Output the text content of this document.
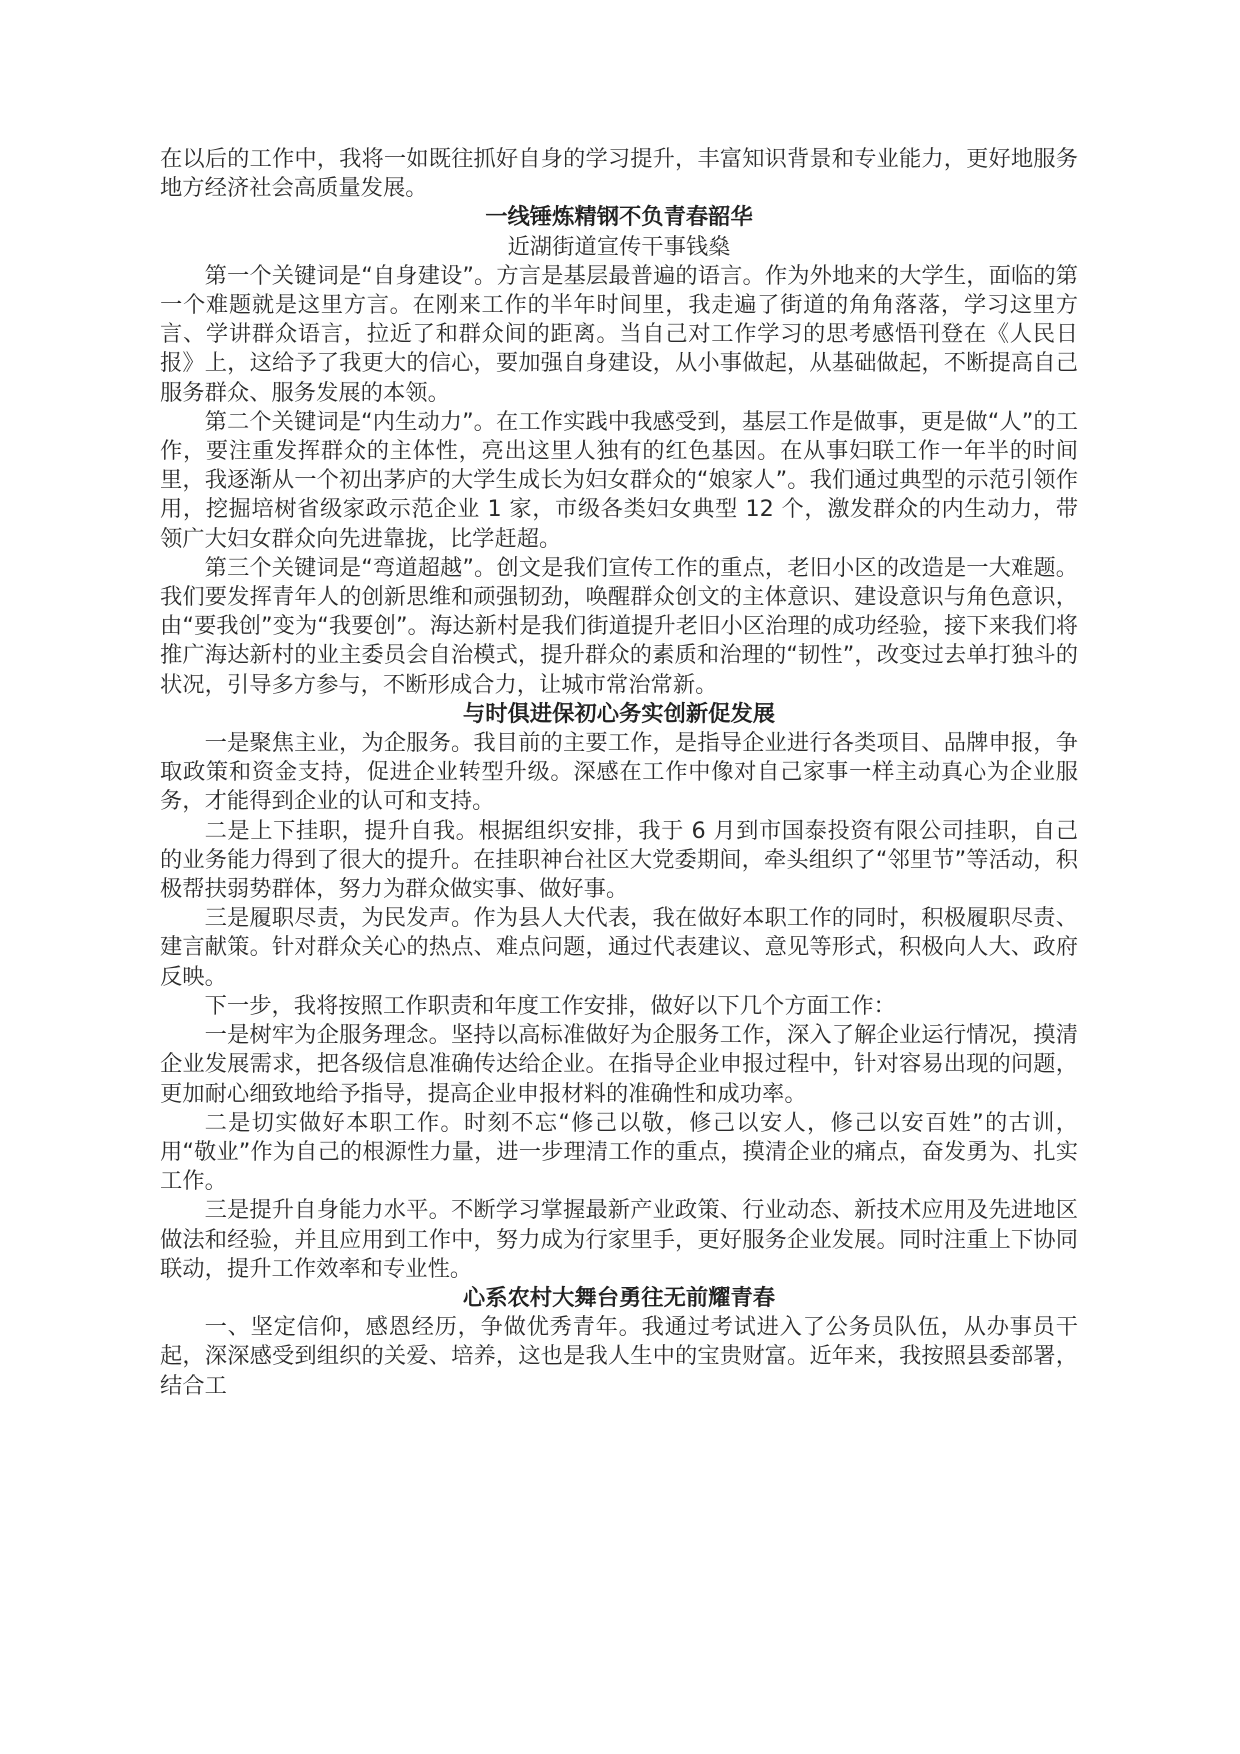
在以后的工作中，我将一如既往抓好自身的学习提升，丰富知识背景和专业能力，更好地服务地方经济社会高质量发展。

一线锤炼精钢不负青春韶华

近湖街道宣传干事钱燊

第一个关键词是“自身建设”。方言是基层最普遍的语言。作为外地来的大学生，面临的第一个难题就是这里方言。在刚来工作的半年时间里，我走遍了街道的角角落落，学习这里方言、学讲群众语言，拉近了和群众间的距离。当自己对工作学习的思考感悟刊登在《人民日报》上，这给予了我更大的信心，要加强自身建设，从小事做起，从基础做起，不断提高自己服务群众、服务发展的本领。

第二个关键词是“内生动力”。在工作实践中我感受到，基层工作是做事，更是做“人”的工作，要注重发挥群众的主体性，亮出这里人独有的红色基因。在从事妇联工作一年半的时间里，我逐渐从一个初出茅庐的大学生成长为妇女群众的“娘家人”。我们通过典型的示范引领作用，挖掘培树省级家政示范企业 1 家，市级各类妇女典型 12 个，激发群众的内生动力，带领广大妇女群众向先进靠拢，比学赶超。

第三个关键词是“弯道超越”。创文是我们宣传工作的重点，老旧小区的改造是一大难题。我们要发挥青年人的创新思维和顽强韧劲，唤醒群众创文的主体意识、建设意识与角色意识，由“要我创”变为“我要创”。海达新村是我们街道提升老旧小区治理的成功经验，接下来我们将推广海达新村的业主委员会自治模式，提升群众的素质和治理的“韧性”，改变过去单打独斗的状况，引导多方参与，不断形成合力，让城市常治常新。

与时俱进保初心务实创新促发展

一是聚焦主业，为企服务。我目前的主要工作，是指导企业进行各类项目、品牌申报，争取政策和资金支持，促进企业转型升级。深感在工作中像对自己家事一样主动真心为企业服务，才能得到企业的认可和支持。

二是上下挂职，提升自我。根据组织安排，我于 6 月到市国泰投资有限公司挂职，自己的业务能力得到了很大的提升。在挂职神台社区大党委期间，牵头组织了“邻里节”等活动，积极帮扶弱势群体，努力为群众做实事、做好事。

三是履职尽责，为民发声。作为县人大代表，我在做好本职工作的同时，积极履职尽责、建言献策。针对群众关心的热点、难点问题，通过代表建议、意见等形式，积极向人大、政府反映。

下一步，我将按照工作职责和年度工作安排，做好以下几个方面工作：

一是树牢为企服务理念。坚持以高标准做好为企服务工作，深入了解企业运行情况，摸清企业发展需求，把各级信息准确传达给企业。在指导企业申报过程中，针对容易出现的问题，更加耐心细致地给予指导，提高企业申报材料的准确性和成功率。

二是切实做好本职工作。时刻不忘“修己以敬，修己以安人，修己以安百姓”的古训，用“敬业”作为自己的根源性力量，进一步理清工作的重点，摸清企业的痛点，奋发勇为、扎实工作。

三是提升自身能力水平。不断学习掌握最新产业政策、行业动态、新技术应用及先进地区做法和经验，并且应用到工作中，努力成为行家里手，更好服务企业发展。同时注重上下协同联动，提升工作效率和专业性。

心系农村大舞台勇往无前耀青春

一、坚定信仰，感恩经历，争做优秀青年。我通过考试进入了公务员队伍，从办事员干起，深深感受到组织的关爱、培养，这也是我人生中的宝贵财富。近年来，我按照县委部署，结合工
